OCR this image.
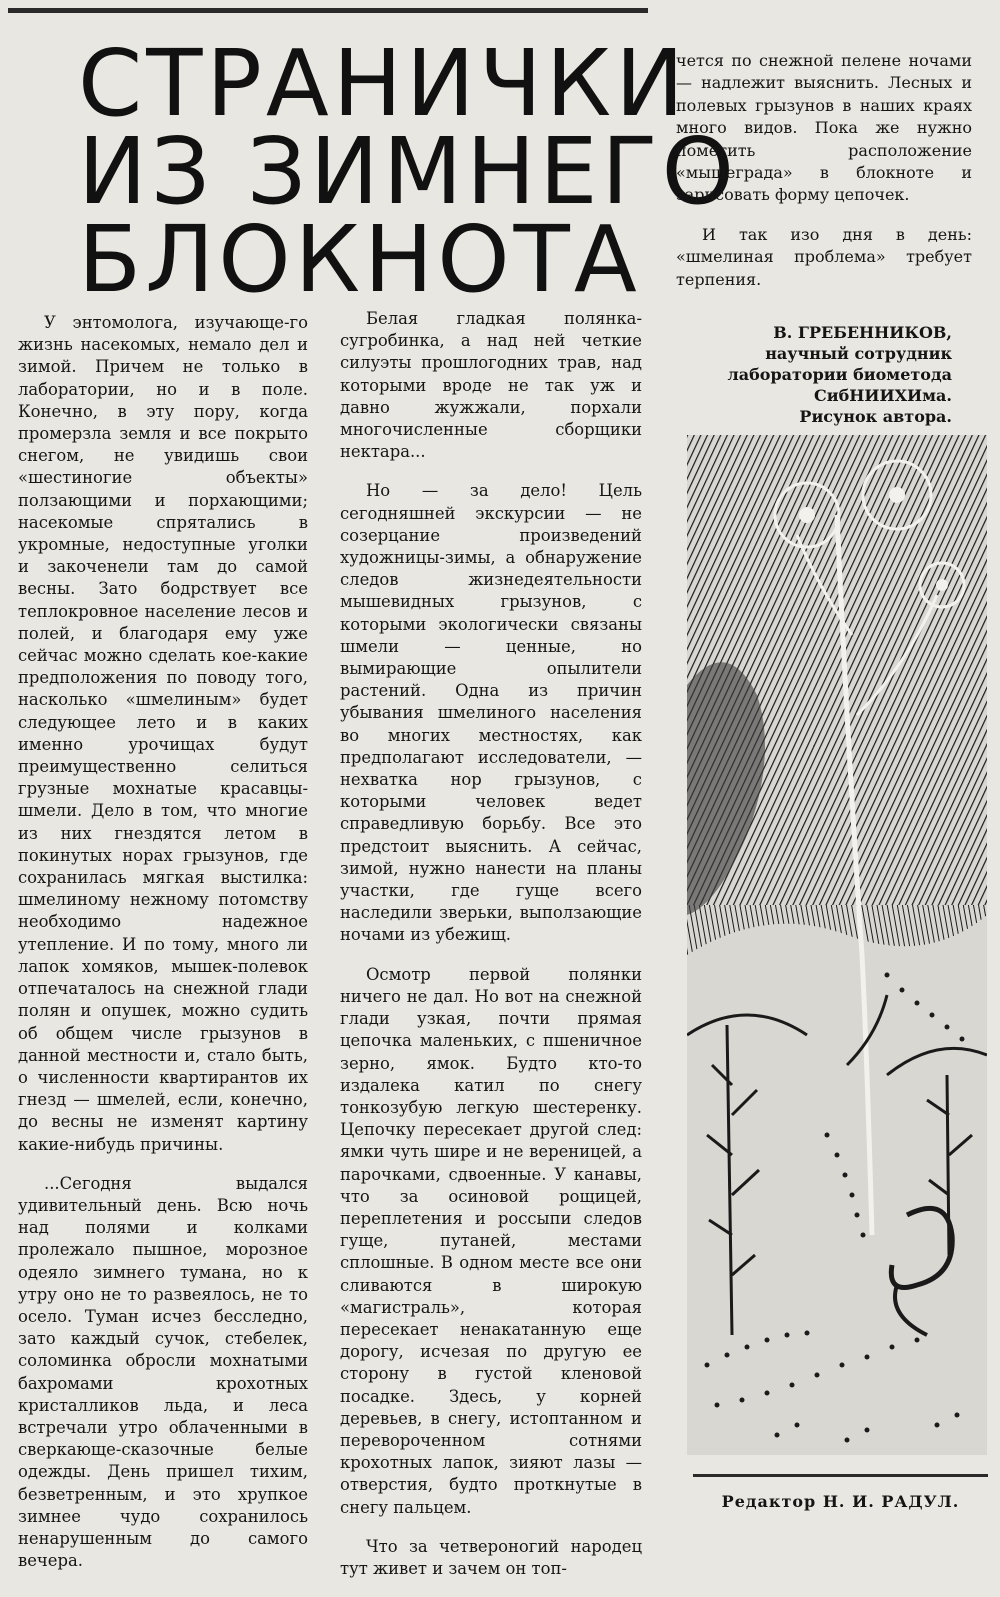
СТРАНИЧКИ
ИЗ ЗИМНЕГО
БЛОКНОТА

У энтомолога, изучающе-го жизнь насекомых, немало дел и зимой. Причем не только в лаборатории, но и в поле. Конечно, в эту пору, когда промерзла земля и все покрыто снегом, не увидишь свои «шестиногие объекты» ползающими и порхающими; насекомые спрятались в укромные, недоступные уголки и закоченели там до самой весны. Зато бодрствует все теплокровное население лесов и полей, и благодаря ему уже сейчас можно сделать кое-какие предположения по поводу того, насколько «шмелиным» будет следующее лето и в каких именно урочищах будут преимущественно селиться грузные мохнатые красавцы-шмели. Дело в том, что многие из них гнездятся летом в покинутых норах грызунов, где сохранилась мягкая выстилка: шмелиному нежному потомству необходимо надежное утепление. И по тому, много ли лапок хомяков, мышек-полевок отпечаталось на снежной глади полян и опушек, можно судить об общем числе грызунов в данной местности и, стало быть, о численности квартирантов их гнезд — шмелей, если, конечно, до весны не изменят картину какие-нибудь причины.

...Сегодня выдался удивительный день. Всю ночь над полями и колками пролежало пышное, морозное одеяло зимнего тумана, но к утру оно не то развеялось, не то осело. Туман исчез бесследно, зато каждый сучок, стебелек, соломинка обросли мохнатыми бахромами крохотных кристалликов льда, и леса встречали утро облаченными в сверкающе-сказочные белые одежды. День пришел тихим, безветренным, и это хрупкое зимнее чудо сохранилось ненарушенным до самого вечера.

Белая гладкая полянка-сугробинка, а над ней четкие силуэты прошлогодних трав, над которыми вроде не так уж и давно жужжали, порхали многочисленные сборщики нектара...

Но — за дело! Цель сегодняшней экскурсии — не созерцание произведений художницы-зимы, а обнаружение следов жизнедеятельности мышевидных грызунов, с которыми экологически связаны шмели — ценные, но вымирающие опылители растений. Одна из причин убывания шмелиного населения во многих местностях, как предполагают исследователи, — нехватка нор грызунов, с которыми человек ведет справедливую борьбу. Все это предстоит выяснить. А сейчас, зимой, нужно нанести на планы участки, где гуще всего наследили зверьки, выползающие ночами из убежищ.

Осмотр первой полянки ничего не дал. Но вот на снежной глади узкая, почти прямая цепочка маленьких, с пшеничное зерно, ямок. Будто кто-то издалека катил по снегу тонкозубую легкую шестеренку. Цепочку пересекает другой след: ямки чуть шире и не вереницей, а парочками, сдвоенные. У канавы, что за осиновой рощицей, переплетения и россыпи следов гуще, путаней, местами сплошные. В одном месте все они сливаются в широкую «магистраль», которая пересекает ненакатанную еще дорогу, исчезая по другую ее сторону в густой кленовой посадке. Здесь, у корней деревьев, в снегу, истоптанном и перевороченном сотнями крохотных лапок, зияют лазы — отверстия, будто проткнутые в снегу пальцем.

Что за четвероногий народец тут живет и зачем он топ-

чется по снежной пелене ночами — надлежит выяснить. Лесных и полевых грызунов в наших краях много видов. Пока же нужно пометить расположение «мышеграда» в блокноте и зарисовать форму цепочек.

И так изо дня в день: «шмелиная проблема» требует терпения.

В. ГРЕБЕННИКОВ,
научный сотрудник
лаборатории биометода
СибНИИХИма.
Рисунок автора.
Редактор Н. И. РАДУЛ.
